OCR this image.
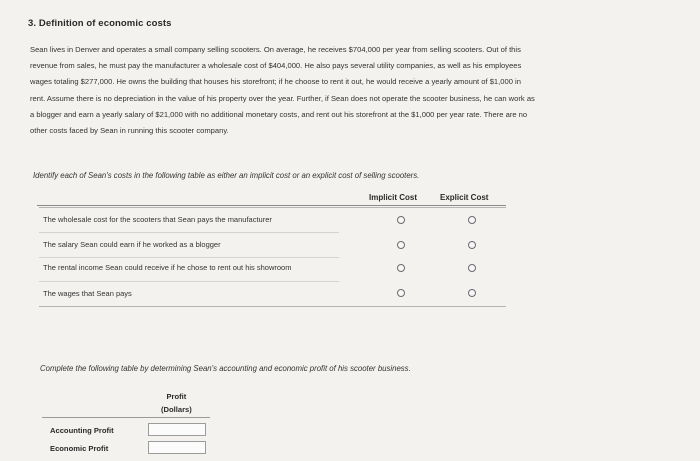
3. Definition of economic costs
Sean lives in Denver and operates a small company selling scooters. On average, he receives $704,000 per year from selling scooters. Out of this
revenue from sales, he must pay the manufacturer a wholesale cost of $404,000. He also pays several utility companies, as well as his employees
wages totaling $277,000. He owns the building that houses his storefront; if he choose to rent it out, he would receive a yearly amount of $1,000 in
rent. Assume there is no depreciation in the value of his property over the year. Further, if Sean does not operate the scooter business, he can work as
a blogger and earn a yearly salary of $21,000 with no additional monetary costs, and rent out his storefront at the $1,000 per year rate. There are no
other costs faced by Sean in running this scooter company.
Identify each of Sean's costs in the following table as either an implicit cost or an explicit cost of selling scooters.
Implicit Cost	Explicit Cost
The wholesale cost for the scooters that Sean pays the manufacturer
The salary Sean could earn if he worked as a blogger
The rental income Sean could receive if he chose to rent out his showroom
The wages that Sean pays
Complete the following table by determining Sean's accounting and economic profit of his scooter business.
Profit
(Dollars)
Accounting Profit
Economic Profit
